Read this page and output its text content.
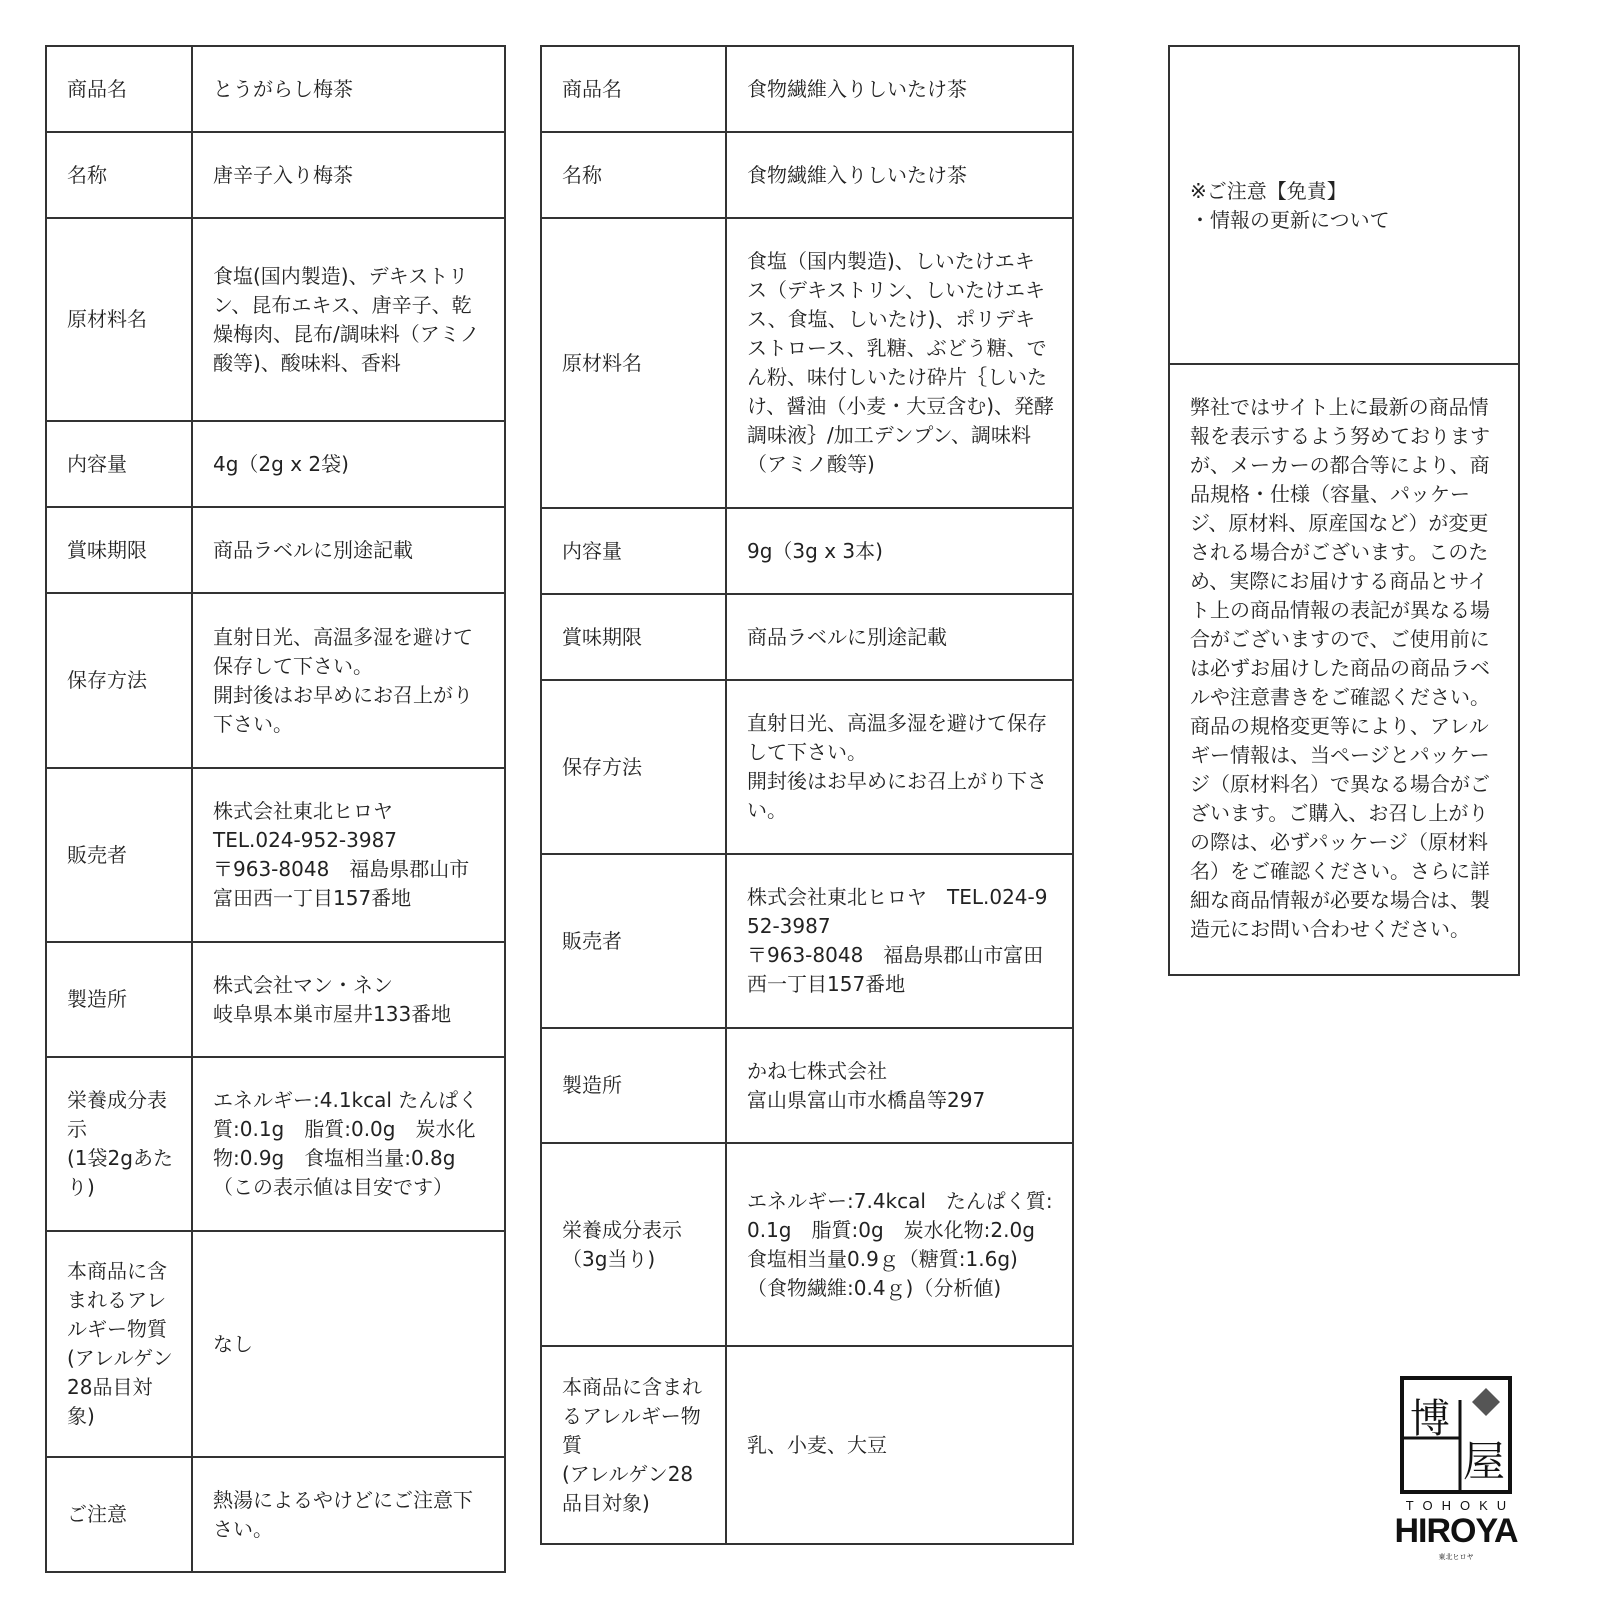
商品名	とうがらし梅茶
名称	唐辛子入り梅茶
原材料名	食塩(国内製造)、デキストリン、昆布エキス、唐辛子、乾燥梅肉、昆布/調味料（アミノ酸等)、酸味料、香料
内容量	4g（2g x 2袋)
賞味期限	商品ラベルに別途記載
保存方法	直射日光、高温多湿を避けて保存して下さい。
開封後はお早めにお召上がり下さい。
販売者	株式会社東北ヒロヤ
TEL.024-952-3987
〒963-8048　福島県郡山市富田西一丁目157番地
製造所	株式会社マン・ネン
岐阜県本巣市屋井133番地
栄養成分表示
(1袋2gあたり)	エネルギー:4.1kcal たんぱく質:0.1g　脂質:0.0g　炭水化物:0.9g　食塩相当量:0.8g（この表示値は目安です）
本商品に含まれるアレルギー物質
(アレルゲン28品目対象)	なし
ご注意	熱湯によるやけどにご注意下さい。
商品名	食物繊維入りしいたけ茶
名称	食物繊維入りしいたけ茶
原材料名	食塩（国内製造)、しいたけエキス（デキストリン、しいたけエキス、食塩、しいたけ)、ポリデキストロース、乳糖、ぶどう糖、でん粉、味付しいたけ砕片｛しいたけ、醤油（小麦・大豆含む)、発酵調味液｝/加工デンプン、調味料（アミノ酸等)
内容量	9g（3g x 3本)
賞味期限	商品ラベルに別途記載
保存方法	直射日光、高温多湿を避けて保存して下さい。
開封後はお早めにお召上がり下さい。
販売者	株式会社東北ヒロヤ　TEL.024-952-3987
〒963-8048　福島県郡山市富田西一丁目157番地
製造所	かね七株式会社
富山県富山市水橋畠等297
栄養成分表示
（3g当り)	エネルギー:7.4kcal　たんぱく質:0.1g　脂質:0g　炭水化物:2.0g食塩相当量0.9ｇ（糖質:1.6g)（食物繊維:0.4ｇ)（分析値)
本商品に含まれるアレルギー物質
(アレルゲン28品目対象)	乳、小麦、大豆
※ご注意【免責】
・情報の更新について
弊社ではサイト上に最新の商品情報を表示するよう努めておりますが、メーカーの都合等により、商品規格・仕様（容量、パッケージ、原材料、原産国など）が変更される場合がございます。このため、実際にお届けする商品とサイト上の商品情報の表記が異なる場合がございますので、ご使用前には必ずお届けした商品の商品ラベルや注意書きをご確認ください。商品の規格変更等により、アレルギー情報は、当ページとパッケージ（原材料名）で異なる場合がございます。ご購入、お召し上がりの際は、必ずパッケージ（原材料名）をご確認ください。さらに詳細な商品情報が必要な場合は、製造元にお問い合わせください。
博
屋
TOHOKU
HIROYA
東北ヒロヤ
